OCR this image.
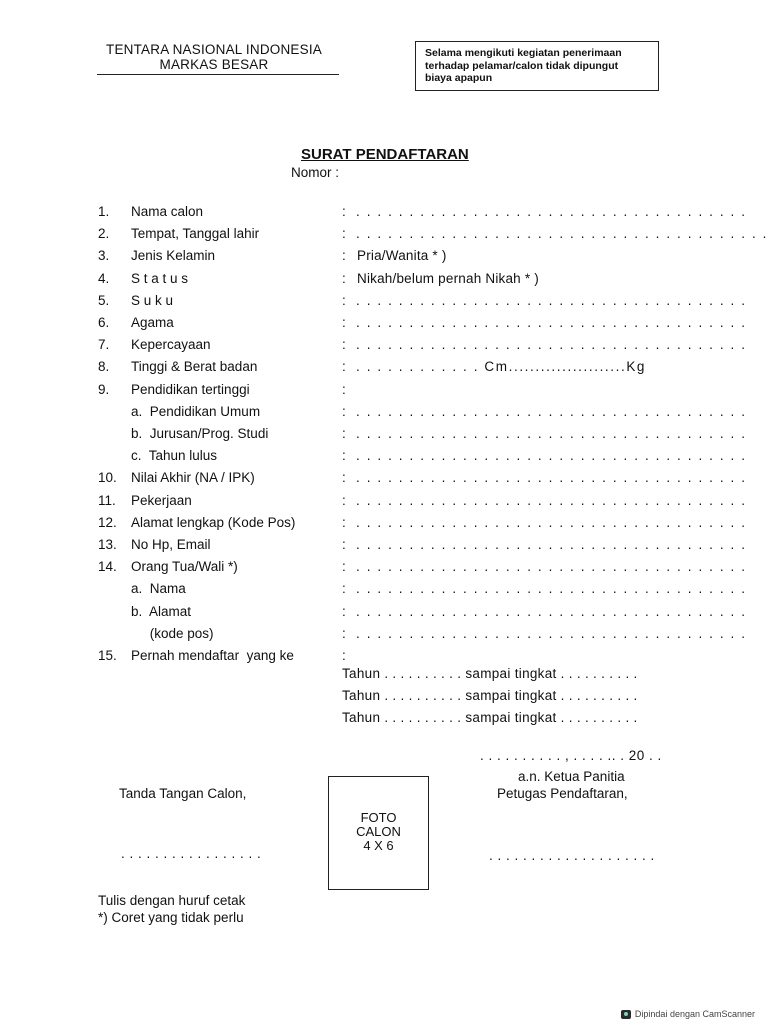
TENTARA NASIONAL INDONESIA
MARKAS BESAR
Selama mengikuti kegiatan penerimaan
terhadap pelamar/calon tidak dipungut
biaya apapun
SURAT PENDAFTARAN
Nomor :
1. Nama calon	: . . . . . . . . . . . . . . . . . . . . . . . . . . . . . . . . . . . . .
2. Tempat, Tanggal lahir	: . . . . . . . . . . . . . . . . . . . . . . . . . . . . . . . . . . . . . . .
3. Jenis Kelamin	: Pria/Wanita * )
4. S t a t u s	: Nikah/belum pernah Nikah * )
5. S u k u	: . . . . . . . . . . . . . . . . . . . . . . . . . . . . . . . . . . . . .
6. Agama	: . . . . . . . . . . . . . . . . . . . . . . . . . . . . . . . . . . . . .
7. Kepercayaan	: . . . . . . . . . . . . . . . . . . . . . . . . . . . . . . . . . . . . .
8. Tinggi & Berat badan	: . . . . . . . . . . . . Cm......................Kg
9. Pendidikan tertinggi	:
a.  Pendidikan Umum	: . . . . . . . . . . . . . . . . . . . . . . . . . . . . . . . . . . . . .
b.  Jurusan/Prog. Studi	: . . . . . . . . . . . . . . . . . . . . . . . . . . . . . . . . . . . . .
c.  Tahun lulus	: . . . . . . . . . . . . . . . . . . . . . . . . . . . . . . . . . . . . .
10. Nilai Akhir (NA / IPK)	: . . . . . . . . . . . . . . . . . . . . . . . . . . . . . . . . . . . . .
11. Pekerjaan	: . . . . . . . . . . . . . . . . . . . . . . . . . . . . . . . . . . . . .
12. Alamat lengkap (Kode Pos)	: . . . . . . . . . . . . . . . . . . . . . . . . . . . . . . . . . . . . .
13. No Hp, Email	: . . . . . . . . . . . . . . . . . . . . . . . . . . . . . . . . . . . . .
14. Orang Tua/Wali *)	: . . . . . . . . . . . . . . . . . . . . . . . . . . . . . . . . . . . . .
a.  Nama	: . . . . . . . . . . . . . . . . . . . . . . . . . . . . . . . . . . . . .
b.  Alamat	: . . . . . . . . . . . . . . . . . . . . . . . . . . . . . . . . . . . . .
(kode pos)	: . . . . . . . . . . . . . . . . . . . . . . . . . . . . . . . . . . . . .
15. Pernah mendaftar  yang ke	:
Tahun . . . . . . . . . . sampai tingkat . . . . . . . . . .
Tahun . . . . . . . . . . sampai tingkat . . . . . . . . . .
Tahun . . . . . . . . . . sampai tingkat . . . . . . . . . .
. . . . . . . . . . , . . . . .. . 20 . .
Tanda Tangan Calon,
. . . . . . . . . . . . . . . . .
a.n. Ketua Panitia
Petugas Pendaftaran,
. . . . . . . . . . . . . . . . . . . .
FOTO
CALON
4 X 6
Tulis dengan huruf cetak
*) Coret yang tidak perlu
Dipindai dengan CamScanner
